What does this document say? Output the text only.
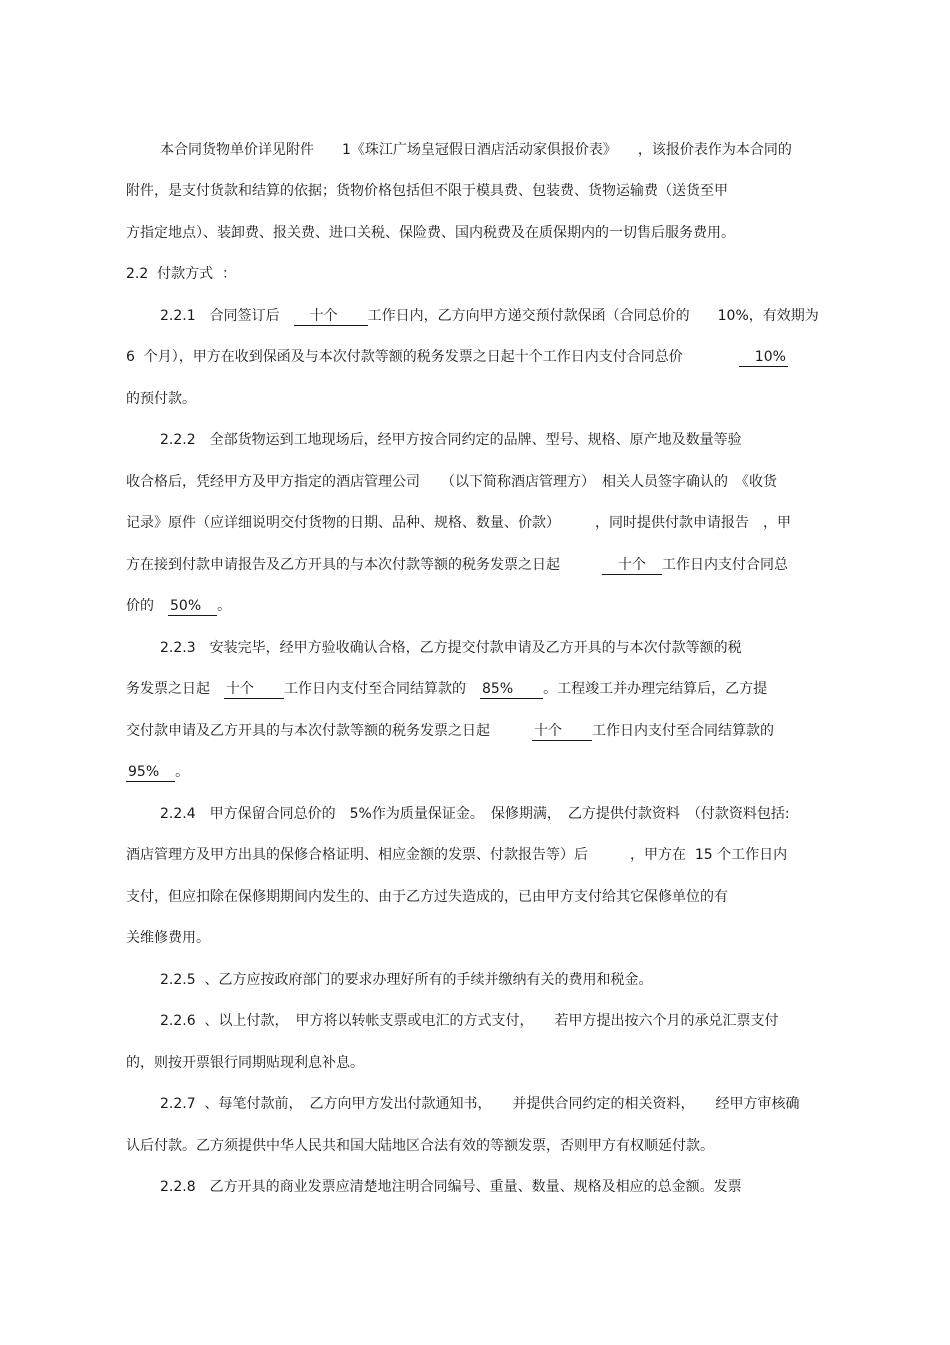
本合同货物单价详见附件　　1《珠江广场皇冠假日酒店活动家俱报价表》　　，该报价表作为本合同的
附件，是支付货款和结算的依据；货物价格包括但不限于模具费、包装费、货物运输费（送货至甲
方指定地点）、装卸费、报关费、进口关税、保险费、国内税费及在质保期内的一切售后服务费用。
2.2  付款方式  ：
2.2.1　合同签订后　　十个　　工作日内，乙方向甲方递交预付款保函（合同总价的　　10%，有效期为
6  个月），甲方在收到保函及与本次付款等额的税务发票之日起十个工作日内支付合同总价　　　　　10%
的预付款。
2.2.2　全部货物运到工地现场后，经甲方按合同约定的品牌、型号、规格、原产地及数量等验
收合格后，凭经甲方及甲方指定的酒店管理公司　　（以下简称酒店管理方）　相关人员签字确认的　《收货
记录》原件（应详细说明交付货物的日期、品种、规格、数量、价款）　　　，同时提供付款申请报告　，甲
方在接到付款申请报告及乙方开具的与本次付款等额的税务发票之日起　　　　十个　工作日内支付合同总
价的　50%　。
2.2.3　安装完毕，经甲方验收确认合格，乙方提交付款申请及乙方开具的与本次付款等额的税
务发票之日起　十个　　工作日内支付至合同结算款的　85%　　。工程竣工并办理完结算后，乙方提
交付款申请及乙方开具的与本次付款等额的税务发票之日起　　　十个　　工作日内支付至合同结算款的
95%　。
2.2.4　甲方保留合同总价的　5%作为质量保证金。　保修期满，　乙方提供付款资料　（付款资料包括:
酒店管理方及甲方出具的保修合格证明、相应金额的发票、付款报告等）后　　　，甲方在  15 个工作日内
支付，但应扣除在保修期期间内发生的、由于乙方过失造成的，已由甲方支付给其它保修单位的有
关维修费用。
2.2.5  、乙方应按政府部门的要求办理好所有的手续并缴纳有关的费用和税金。
2.2.6  、以上付款，　甲方将以转帐支票或电汇的方式支付，　　若甲方提出按六个月的承兑汇票支付
的，则按开票银行同期贴现利息补息。
2.2.7  、每笔付款前，　乙方向甲方发出付款通知书，　　并提供合同约定的相关资料，　　经甲方审核确
认后付款。乙方须提供中华人民共和国大陆地区合法有效的等额发票，否则甲方有权顺延付款。
2.2.8　乙方开具的商业发票应清楚地注明合同编号、重量、数量、规格及相应的总金额。发票
